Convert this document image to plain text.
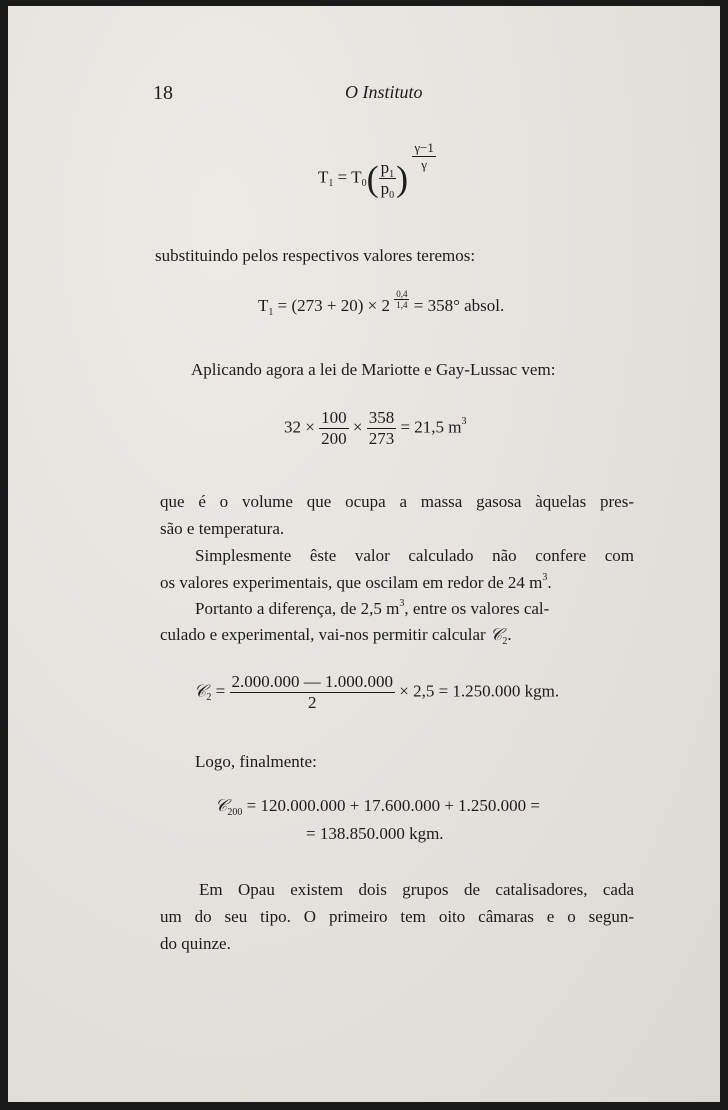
18	O Instituto
$T_1 = T_0( \frac{p_1}{p_0}$ )
$\frac{\gamma-1}{\gamma}$
substituindo pelos respectivos valores teremos:
$T_1 = (273 + 20) \times 2 \frac{0,4}{1,4} = 358^\circ$ absol.
Aplicando agora a lei de Mariotte e Gay-Lussac vem:
$32 \times \frac{100}{200} \times \frac{358}{273} = 21,5$ $m^3$
que é o volume que ocupa a massa gasosa àquelas pres-
são e temperatura.
Simplesmente êste valor calculado não confere com
os valores experimentais, que oscilam em redor de 24 $m^3$.
Portanto a diferença, de 2,5 $m^3$, entre os valores cal-
culado e experimental, vai-nos permitir calcular 𝒞$_2$.
𝒞$_2$ = $\frac{2.000.000 — 1.000.000}{2} \times 2,5 = 1.250.000$ kgm.
Logo, finalmente:
𝒞$_{200}$ = 120.000.000 + 17.600.000 + 1.250.000 =
= 138.850.000 kgm.
Em Opau existem dois grupos de catalisadores, cada
um do seu tipo. O primeiro tem oito câmaras e o segun-
do quinze.
